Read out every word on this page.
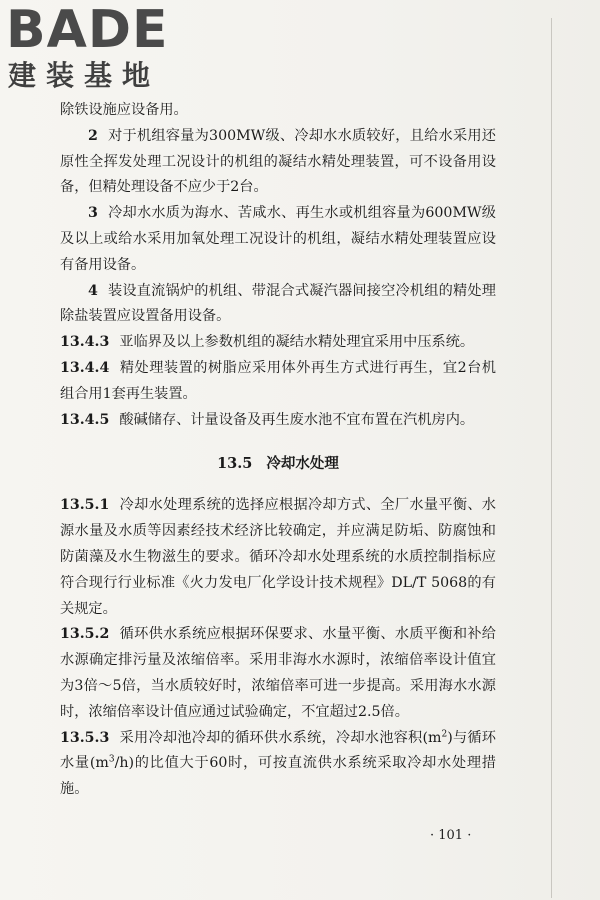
BADE
建装基地

除铁设施应设备用。

2 对于机组容量为300MW级、冷却水水质较好，且给水采用还原性全挥发处理工况设计的机组的凝结水精处理装置，可不设备用设备，但精处理设备不应少于2台。

3 冷却水水质为海水、苦咸水、再生水或机组容量为600MW级及以上或给水采用加氧处理工况设计的机组，凝结水精处理装置应设有备用设备。

4 装设直流锅炉的机组、带混合式凝汽器间接空冷机组的精处理除盐装置应设置备用设备。

13.4.3 亚临界及以上参数机组的凝结水精处理宜采用中压系统。

13.4.4 精处理装置的树脂应采用体外再生方式进行再生，宜2台机组合用1套再生装置。

13.4.5 酸碱储存、计量设备及再生废水池不宜布置在汽机房内。

13.5 冷却水处理

13.5.1 冷却水处理系统的选择应根据冷却方式、全厂水量平衡、水源水量及水质等因素经技术经济比较确定，并应满足防垢、防腐蚀和防菌藻及水生物滋生的要求。循环冷却水处理系统的水质控制指标应符合现行行业标准《火力发电厂化学设计技术规程》DL/T 5068的有关规定。

13.5.2 循环供水系统应根据环保要求、水量平衡、水质平衡和补给水源确定排污量及浓缩倍率。采用非海水水源时，浓缩倍率设计值宜为3倍～5倍，当水质较好时，浓缩倍率可进一步提高。采用海水水源时，浓缩倍率设计值应通过试验确定，不宜超过2.5倍。

13.5.3 采用冷却池冷却的循环供水系统，冷却水池容积$(m^2)$与循环水量$(m^3/h)$的比值大于60时，可按直流供水系统采取冷却水处理措施。

· 101 ·
